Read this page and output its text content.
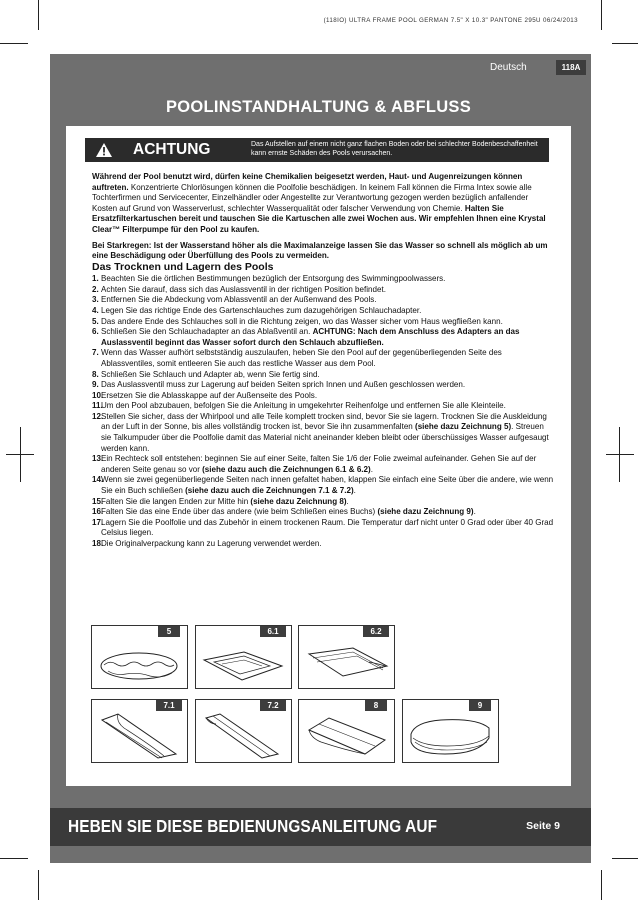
(118IO) ULTRA FRAME POOL GERMAN 7.5" X 10.3" PANTONE 295U 06/24/2013
Deutsch	118A
POOLINSTANDHALTUNG & ABFLUSS
ACHTUNG	Das Aufstellen auf einem nicht ganz flachen Boden oder bei schlechter Bodenbeschaffenheit kann ernste Schäden des Pools verursachen.

Während der Pool benutzt wird, dürfen keine Chemikalien beigesetzt werden, Haut- und Augenreizungen können auftreten. Konzentrierte Chlorlösungen können die Poolfolie beschädigen. In keinem Fall können die Firma Intex sowie alle Tochterfirmen und Servicecenter, Einzelhändler oder Angestellte zur Verantwortung gezogen werden bezüglich anfallender Kosten auf Grund von Wasserverlust, schlechter Wasserqualität oder falscher Verwendung von Chemie. Halten Sie Ersatzfilterkartuschen bereit und tauschen Sie die Kartuschen alle zwei Wochen aus. Wir empfehlen Ihnen eine Krystal Clear™ Filterpumpe für den Pool zu kaufen.

Bei Starkregen: Ist der Wasserstand höher als die Maximalanzeige lassen Sie das Wasser so schnell als möglich ab um eine Beschädigung oder Überfüllung des Pools zu vermeiden.

Das Trocknen und Lagern des Pools
1. Beachten Sie die örtlichen Bestimmungen bezüglich der Entsorgung des Swimmingpoolwassers.
2. Achten Sie darauf, dass sich das Auslassventil in der richtigen Position befindet.
3. Entfernen Sie die Abdeckung vom Ablassventil an der Außenwand des Pools.
4. Legen Sie das richtige Ende des Gartenschlauches zum dazugehörigen Schlauchadapter.
5. Das andere Ende des Schlauches soll in die Richtung zeigen, wo das Wasser sicher vom Haus wegfließen kann.
6. Schließen Sie den Schlauchadapter an das Ablaßventil an. ACHTUNG: Nach dem Anschluss des Adapters an das Auslassventil beginnt das Wasser sofort durch den Schlauch abzufließen.
7. Wenn das Wasser aufhört selbstständig auszulaufen, heben Sie den Pool auf der gegenüberliegenden Seite des Ablassventiles, somit entleeren Sie auch das restliche Wasser aus dem Pool.
8. Schließen Sie Schlauch und Adapter ab, wenn Sie fertig sind.
9. Das Auslassventil muss zur Lagerung auf beiden Seiten sprich Innen und Außen geschlossen werden.
10.
Ersetzen Sie die Ablasskappe auf der Außenseite des Pools.
11.
Um den Pool abzubauen, befolgen Sie die Anleitung in umgekehrter Reihenfolge und entfernen Sie alle Kleinteile.
12.
Stellen Sie sicher, dass der Whirlpool und alle Teile komplett trocken sind, bevor Sie sie lagern. Trocknen Sie die Auskleidung an der Luft in der Sonne, bis alles vollständig trocken ist, bevor Sie ihn zusammenfalten (siehe dazu Zeichnung 5). Streuen sie Talkumpuder über die Poolfolie damit das Material nicht aneinander kleben bleibt oder überschüssiges Wasser aufgesaugt werden kann.
13.
Ein Rechteck soll entstehen: beginnen Sie auf einer Seite, falten Sie 1/6 der Folie zweimal aufeinander. Gehen Sie auf der anderen Seite genau so vor (siehe dazu auch die Zeichnungen 6.1 & 6.2).
14.
Wenn sie zwei gegenüberliegende Seiten nach innen gefaltet haben, klappen Sie einfach eine Seite über die andere, wie wenn Sie ein Buch schließen (siehe dazu auch die Zeichnungen 7.1 & 7.2).
15.
Falten Sie die langen Enden zur Mitte hin (siehe dazu Zeichnung 8).
16.
Falten Sie das eine Ende über das andere (wie beim Schließen eines Buchs) (siehe dazu Zeichnung 9).
17.
Lagern Sie die Poolfolie und das Zubehör in einem trockenen Raum. Die Temperatur darf nicht unter 0 Grad oder über 40 Grad Celsius liegen.
18.
Die Originalverpackung kann zu Lagerung verwendet werden.
5	6.1	6.2
7.1	7.2	8	9
HEBEN SIE DIESE BEDIENUNGSANLEITUNG AUF	Seite 9
